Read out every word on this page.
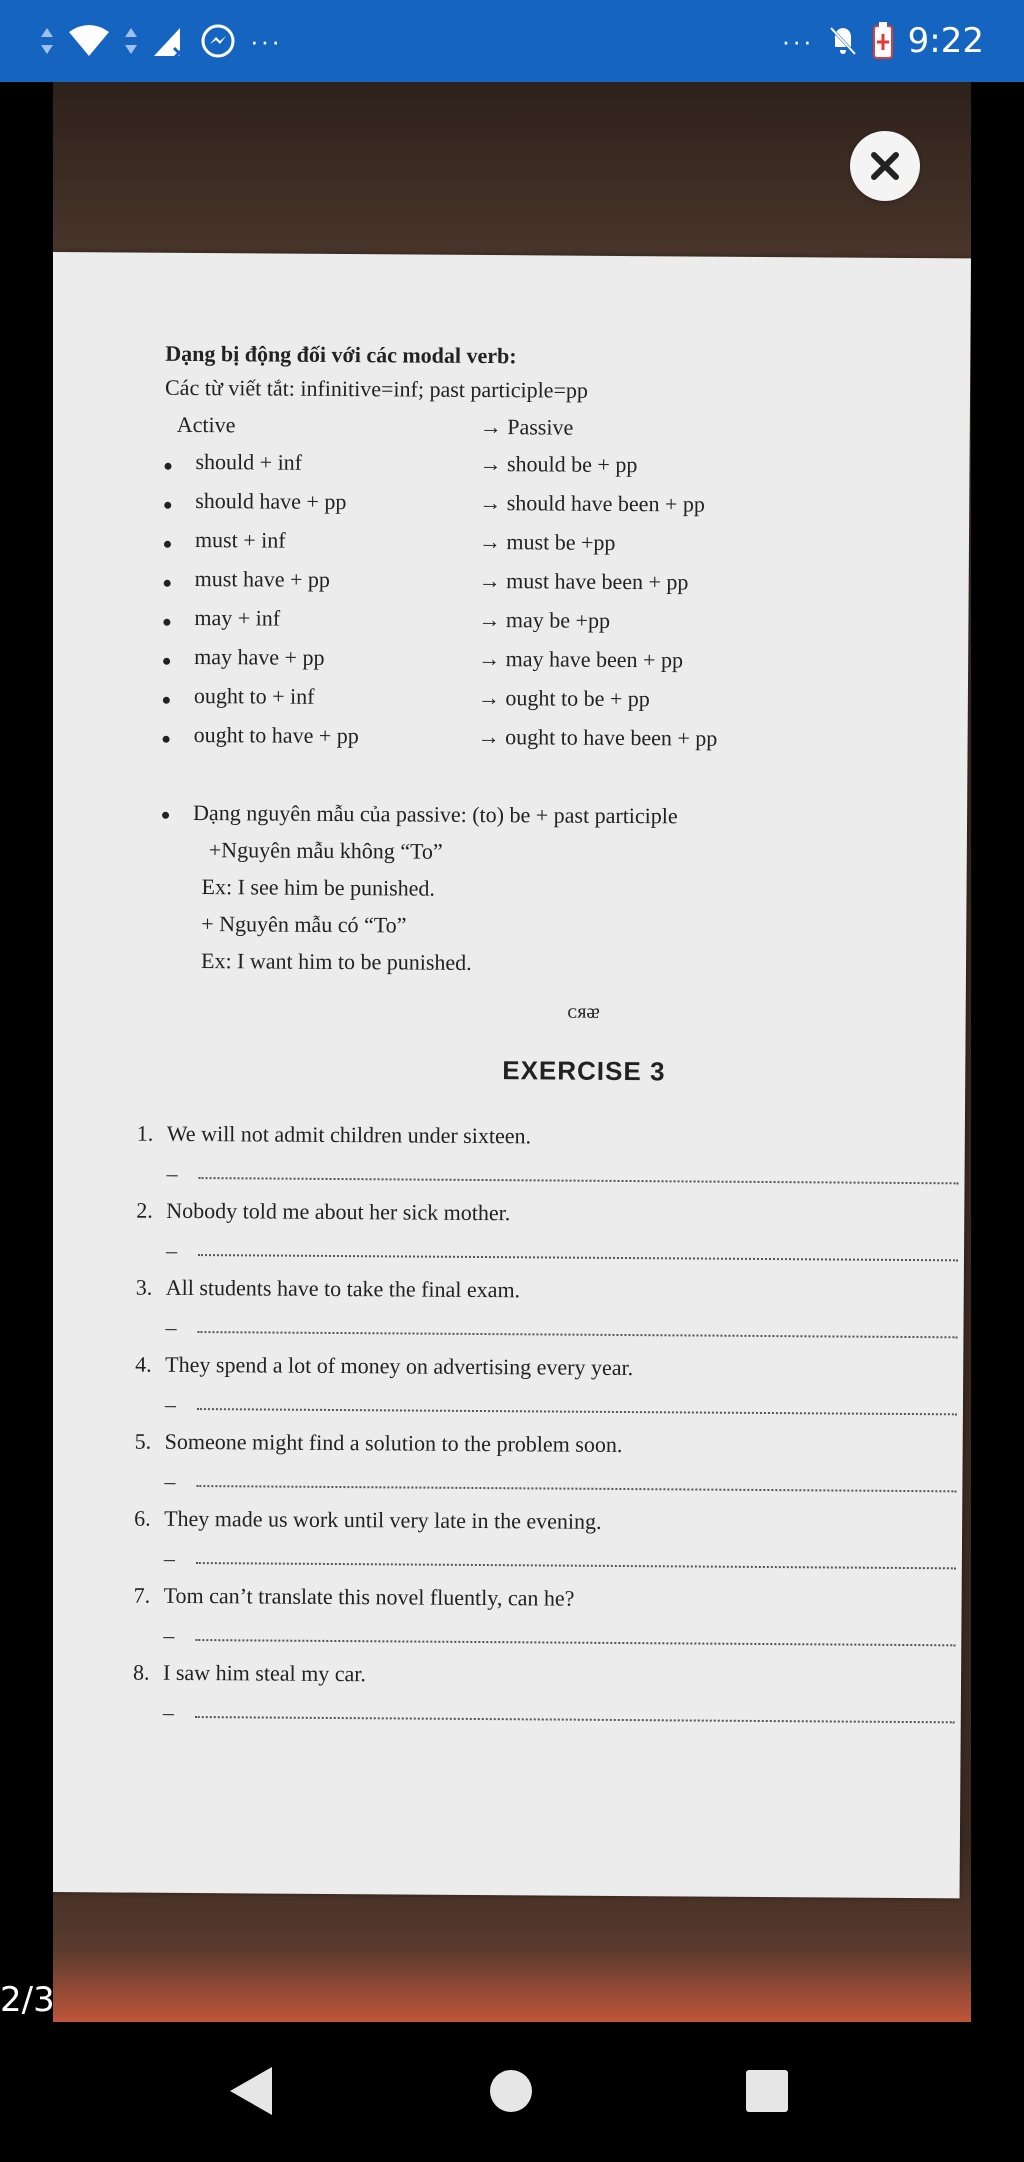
···	···	9:22
Dạng bị động đối với các modal verb:
Các từ viết tắt: infinitive=inf; past participle=pp
Active	→ Passive
should + inf	→ should be + pp
should have + pp	→ should have been + pp
must + inf	→ must be +pp
must have + pp	→ must have been + pp
may + inf	→ may be +pp
may have + pp	→ may have been + pp
ought to + inf	→ ought to be + pp
ought to have + pp	→ ought to have been + pp
Dạng nguyên mẫu của passive: (to) be + past participle
+Nguyên mẫu không “To”
Ex: I see him be punished.
+ Nguyên mẫu có “To”
Ex: I want him to be punished.
ᴄᴙᴂ
EXERCISE 3
1. We will not admit children under sixteen.
–
2. Nobody told me about her sick mother.
–
3. All students have to take the final exam.
–
4. They spend a lot of money on advertising every year.
–
5. Someone might find a solution to the problem soon.
–
6. They made us work until very late in the evening.
–
7. Tom can’t translate this novel fluently, can he?
–
8. I saw him steal my car.
–
2/3
